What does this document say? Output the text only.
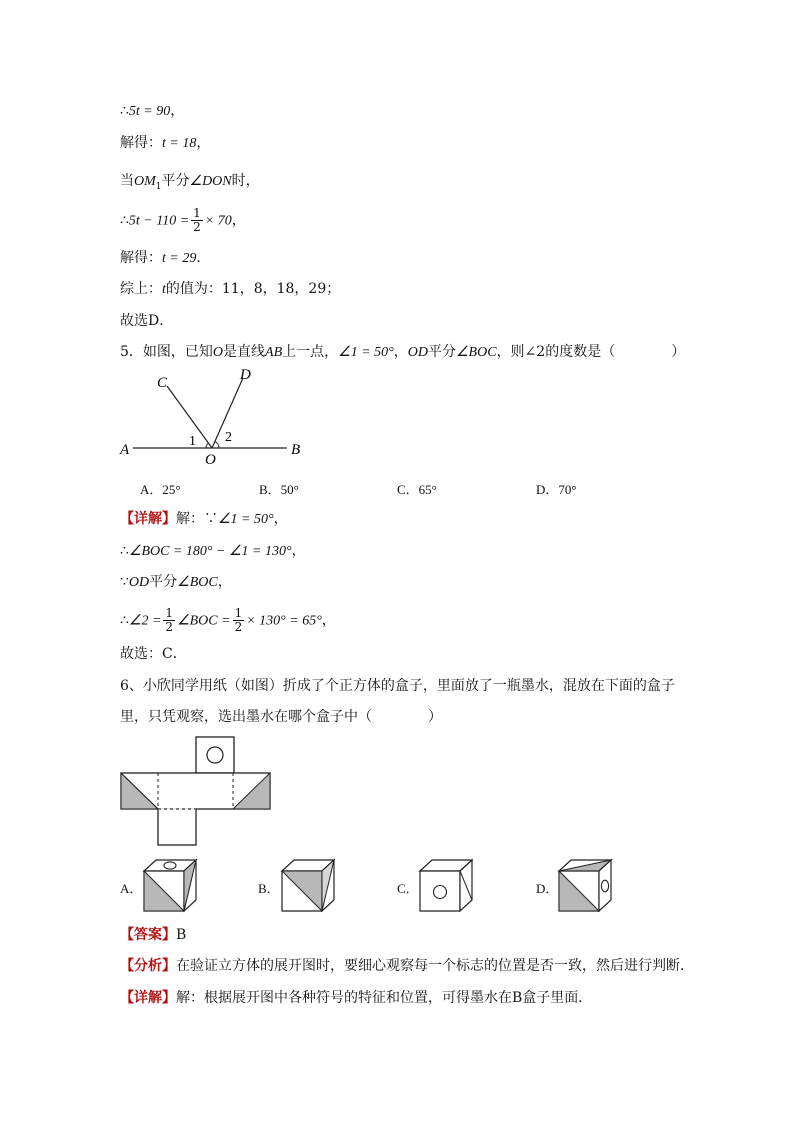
∴5t = 90，
解得：t = 18，
当$OM_1$平分∠DON时，
∴5t − $110 = \frac{1}{2} \times 70$，
解得：t = 29．
综上：t的值为：11，8，18，29；
故选D．
5．如图，已知O是直线AB上一点，∠1 = 50°，OD平分∠BOC，则∠2的度数是（　　　　）
A	B
C	D
O
1 2
A．25°	B．50°	C．65°	D．70°
【详解】解：∵∠1 = 50°，
∴∠BOC = 180° − ∠1 = 130°，
∵OD平分∠BOC，
∴∠2 = $\frac{1}{2}$ ∠BOC = $\frac{1}{2} \times 130^\circ = 65^\circ$，
故选：C．
6、小欣同学用纸（如图）折成了个正方体的盒子，里面放了一瓶墨水，混放在下面的盒子
里，只凭观察，选出墨水在哪个盒子中（　　　　）
A．	B．	C．	D．
【答案】B
【分析】在验证立方体的展开图时，要细心观察每一个标志的位置是否一致，然后进行判断．
【详解】解：根据展开图中各种符号的特征和位置，可得墨水在B盒子里面．
